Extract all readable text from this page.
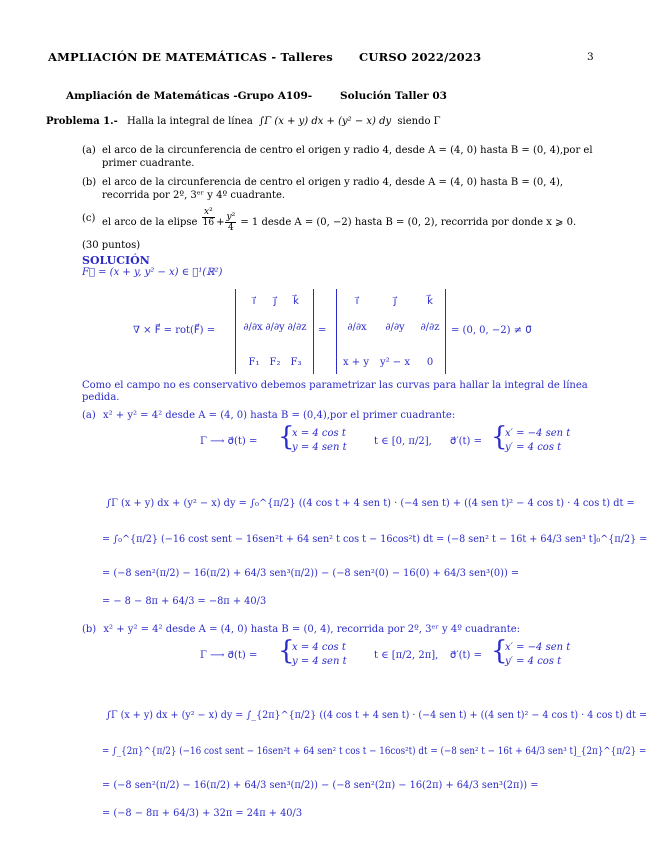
AMPLIACIÓN DE MATEMÁTICAS - Talleres CURSO 2022/2023	3
Ampliación de Matemáticas -Grupo A109-	Solución Taller 03
Problema 1.- Halla la integral de línea ∫Γ (x + y) dx + (y² − x) dy siendo Γ
(a) el arco de la circunferencia de centro el origen y radio 4, desde A = (4, 0) hasta B = (0, 4),por el
primer cuadrante.
(b) el arco de la circunferencia de centro el origen y radio 4, desde A = (4, 0) hasta B = (0, 4),
recorrida por 2º, 3ᵉʳ y 4º cuadrante.
(c) el arco de la elipse $\frac{\text{x²}}{16} + \frac{\text{y²}}{4} = 1$ desde A = (0, −2) hasta B = (0, 2), recorrida por donde x ⩾ 0.
(30 puntos)
SOLUCIÓN
F⃗ = (x + y, y² − x) ∈ 𝒞¹(ℝ²)
∇ × F⃗ = rot(F⃗) =	=	= (0, 0, −2) ≠ 0⃗
ı⃗	ȷ⃗	k⃗
∂/∂x ∂/∂y ∂/∂z
F₁	F₂	F₃
ı⃗	ȷ⃗	k⃗
∂/∂x	∂/∂y	∂/∂z
x + y	y² − x	0
Como el campo no es conservativo debemos parametrizar las curvas para hallar la integral de línea
pedida.
(a) x² + y² = 4² desde A = (4, 0) hasta B = (0,4),por el primer cuadrante:
Γ ⟶ σ⃗(t) = {
x = 4 cos t
y = 4 sen t
t ∈ [0, π/2], σ⃗′(t) = {
x′ = −4 sen t
y′ = 4 cos t
∫Γ (x + y) dx + (y² − x) dy = ∫₀^{π/2} ((4 cos t + 4 sen t) · (−4 sen t) + ((4 sen t)² − 4 cos t) · 4 cos t) dt =
= ∫₀^{π/2} (−16 cost sent − 16sen²t + 64 sen² t cos t − 16cos²t) dt = (−8 sen² t − 16t + 64/3 sen³ t]₀^{π/2} =
= (−8 sen²(π/2) − 16(π/2) + 64/3 sen³(π/2)) − (−8 sen²(0) − 16(0) + 64/3 sen³(0)) =
= − 8 − 8π + 64/3 = −8π + 40/3
(b) x² + y² = 4² desde A = (4, 0) hasta B = (0, 4), recorrida por 2º, 3ᵉʳ y 4º cuadrante:
Γ ⟶ σ⃗(t) = {
x = 4 cos t
y = 4 sen t
t ∈ [π/2, 2π], σ⃗′(t) = {
x′ = −4 sen t
y′ = 4 cos t
∫Γ (x + y) dx + (y² − x) dy = ∫_{2π}^{π/2} ((4 cos t + 4 sen t) · (−4 sen t) + ((4 sen t)² − 4 cos t) · 4 cos t) dt =
= ∫_{2π}^{π/2} (−16 cost sent − 16sen²t + 64 sen² t cos t − 16cos²t) dt = (−8 sen² t − 16t + 64/3 sen³ t]_{2π}^{π/2} =
= (−8 sen²(π/2) − 16(π/2) + 64/3 sen³(π/2)) − (−8 sen²(2π) − 16(2π) + 64/3 sen³(2π)) =
= (−8 − 8π + 64/3) + 32π = 24π + 40/3
